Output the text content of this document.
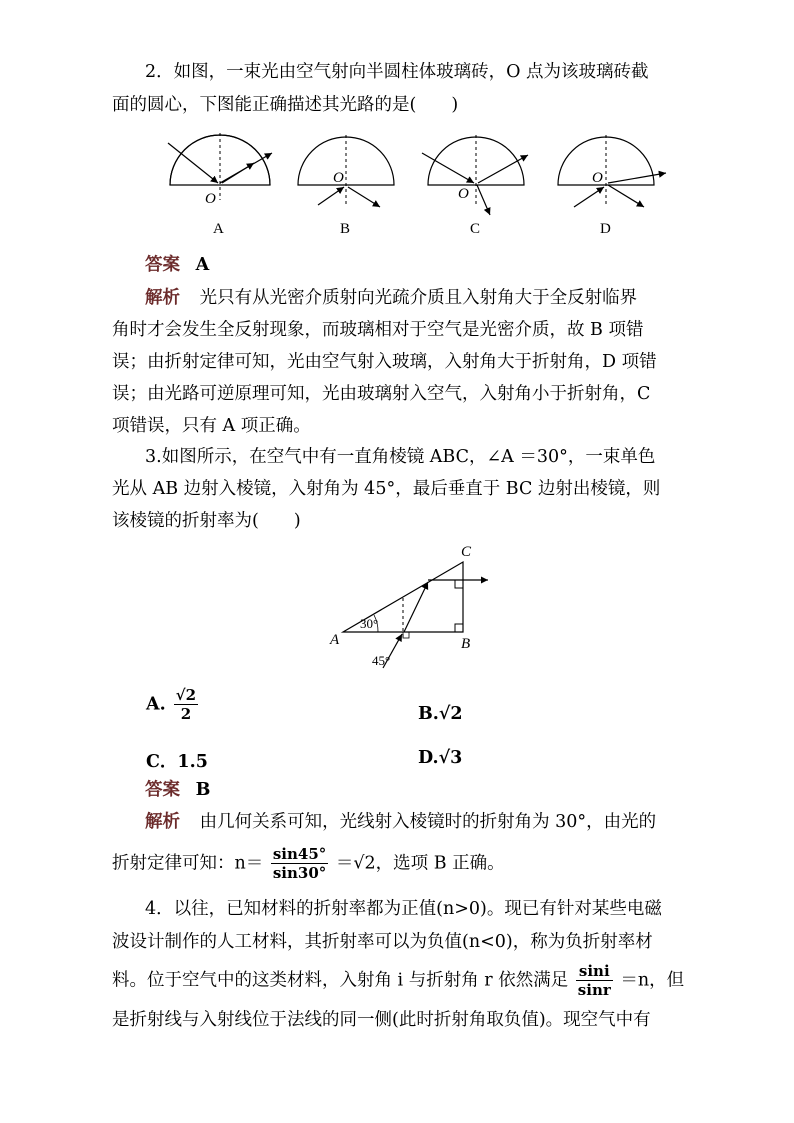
2．如图，一束光由空气射向半圆柱体玻璃砖，O 点为该玻璃砖截
面的圆心，下图能正确描述其光路的是(　　)
O
A
O
B
O
C
O
D
答案 A
解析 光只有从光密介质射向光疏介质且入射角大于全反射临界
角时才会发生全反射现象，而玻璃相对于空气是光密介质，故 B 项错
误；由折射定律可知，光由空气射入玻璃，入射角大于折射角，D 项错
误；由光路可逆原理可知，光由玻璃射入空气，入射角小于折射角，C
项错误，只有 A 项正确。
3.如图所示，在空气中有一直角棱镜 ABC，∠A ＝30°，一束单色
光从 AB 边射入棱镜，入射角为 45°，最后垂直于 BC 边射出棱镜，则
该棱镜的折射率为(　　)
A	B
C
30°
45°
A. $\frac{√2}{2}$	B.√2
C．1.5	D.√3
答案 B
解析 由几何关系可知，光线射入棱镜时的折射角为 30°，由光的
折射定律可知：$n= \frac{\sin 45^\circ}{\sin 30^\circ} =√2$，选项 B 正确。
4．以往，已知材料的折射率都为正值(n>0)。现已有针对某些电磁
波设计制作的人工材料，其折射率可以为负值(n<0)，称为负折射率材
料。位于空气中的这类材料，入射角 i 与折射角 r 依然满足 $\frac{\sin i}{\sin r} =n$，但
是折射线与入射线位于法线的同一侧(此时折射角取负值)。现空气中有
